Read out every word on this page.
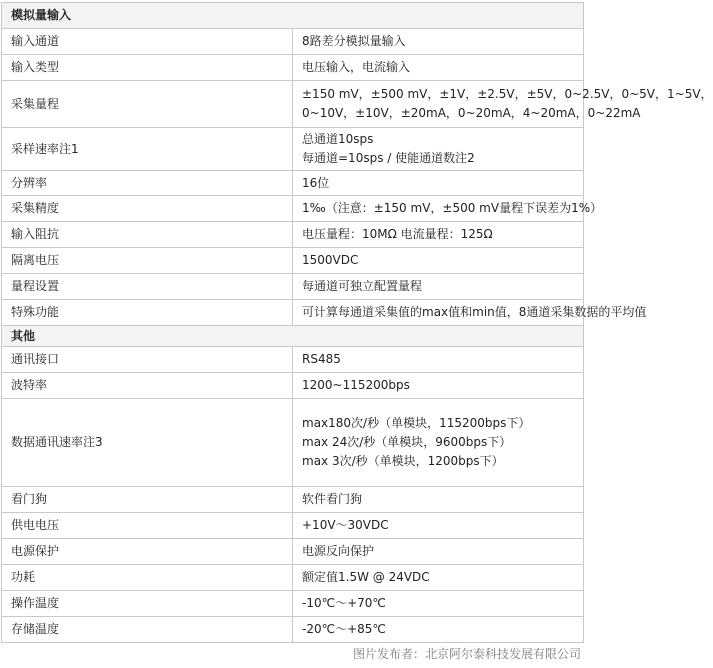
模拟量输入	
输入通道	8路差分模拟量输入
输入类型	电压输入，电流输入
采集量程	±150 mV，±500 mV，±1V，±2.5V，±5V，0~2.5V，0~5V，1~5V，
0~10V，±10V，±20mA，0~20mA，4~20mA，0~22mA

采样速率注1	总通道10sps
每通道=10sps / 使能通道数注2

分辨率	16位
采集精度	1‰（注意：±150 mV，±500 mV量程下误差为1%）
输入阻抗	电压量程：10MΩ 电流量程：125Ω
隔离电压	1500VDC
量程设置	每通道可独立配置量程
特殊功能	可计算每通道采集值的max值和min值，8通道采集数据的平均值
其他	
通讯接口	RS485
波特率	1200~115200bps
数据通讯速率注3	max180次/秒（单模块，115200bps下）
max 24次/秒（单模块，9600bps下）
max 3次/秒（单模块，1200bps下）

看门狗	软件看门狗
供电电压	+10V～30VDC
电源保护	电源反向保护
功耗	额定值1.5W @ 24VDC
操作温度	-10℃～+70℃
存储温度	-20℃～+85℃
图片发布者：北京阿尔泰科技发展有限公司
